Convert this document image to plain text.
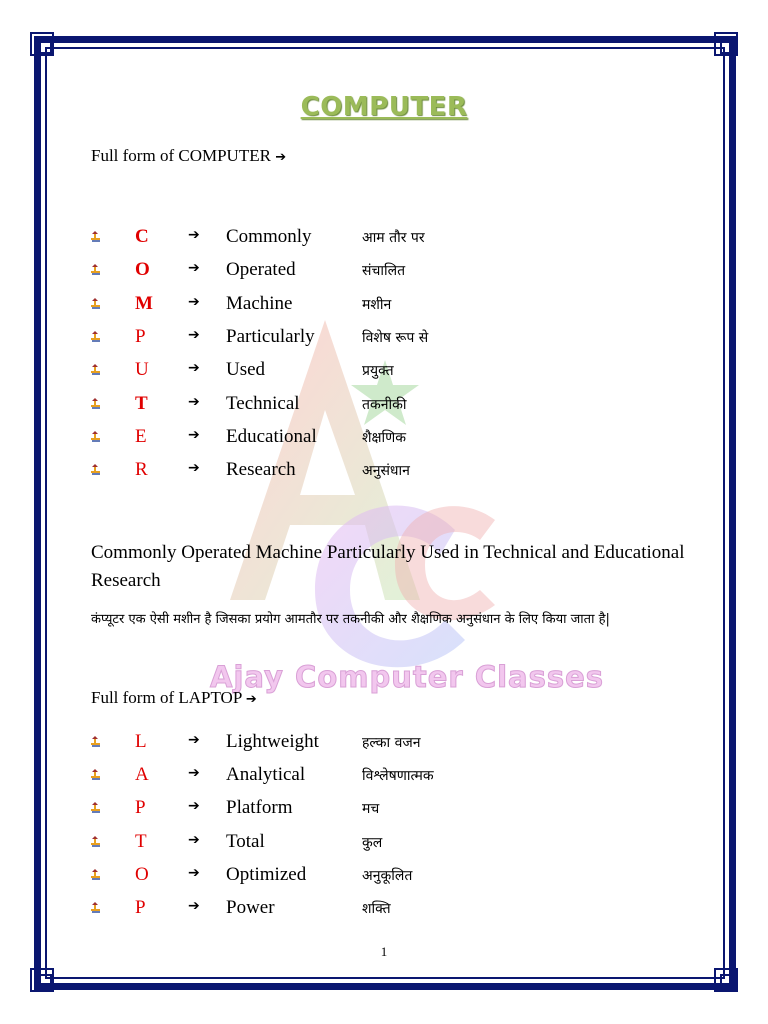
Ajay Computer Classes
COMPUTER
Full form of COMPUTER ➔
C	➔ Commonly	आम तौर पर
O	➔ Operated	संचालित
M	➔ Machine	मशीन
P	➔ Particularly	विशेष रूप से
U	➔ Used	प्रयुक्त
T	➔ Technical	तकनीकी
E	➔ Educational	शैक्षणिक
R	➔ Research	अनुसंधान
Commonly Operated Machine Particularly Used in Technical and Educational Research
कंप्यूटर एक ऐसी मशीन है जिसका प्रयोग आमतौर पर तकनीकी और शैक्षणिक अनुसंधान के लिए किया जाता है|
Full form of LAPTOP ➔
L	➔ Lightweight	हल्का वजन
A	➔ Analytical	विश्लेषणात्मक
P	➔ Platform	मच
T	➔ Total	कुल
O	➔ Optimized	अनुकूलित
P	➔ Power	शक्ति
1
